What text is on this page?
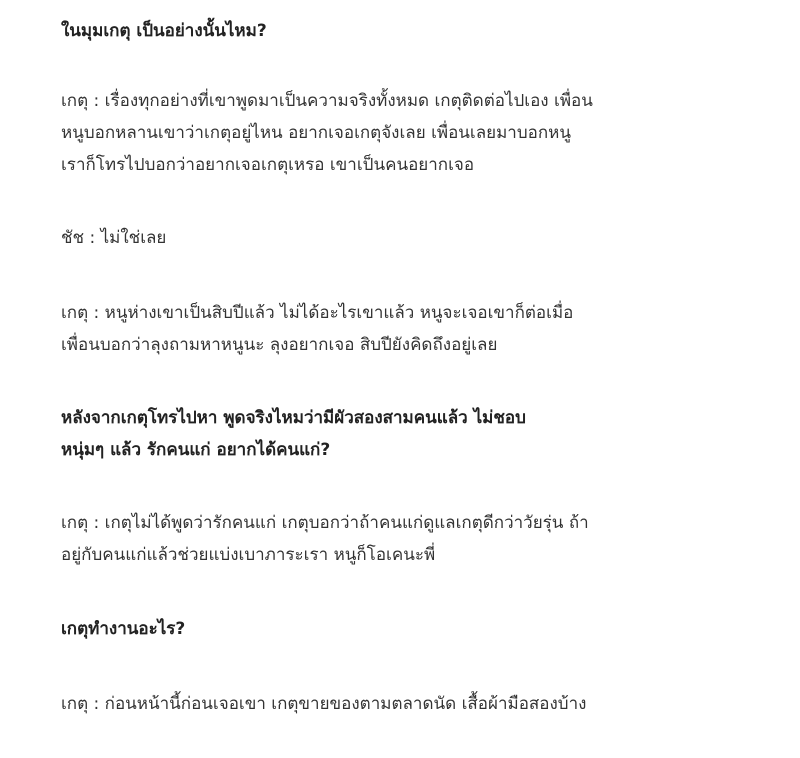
ในมุมเกตุ เป็นอย่างนั้นไหม?

เกตุ : เรื่องทุกอย่างที่เขาพูดมาเป็นความจริงทั้งหมด เกตุติดต่อไปเอง เพื่อน
หนูบอกหลานเขาว่าเกตุอยู่ไหน อยากเจอเกตุจังเลย เพื่อนเลยมาบอกหนู
เราก็โทรไปบอกว่าอยากเจอเกตุเหรอ เขาเป็นคนอยากเจอ

ชัช : ไม่ใช่เลย

เกตุ : หนูห่างเขาเป็นสิบปีแล้ว ไม่ได้อะไรเขาแล้ว หนูจะเจอเขาก็ต่อเมื่อ
เพื่อนบอกว่าลุงถามหาหนูนะ ลุงอยากเจอ สิบปียังคิดถึงอยู่เลย

หลังจากเกตุโทรไปหา พูดจริงไหมว่ามีผัวสองสามคนแล้ว ไม่ชอบ
หนุ่มๆ แล้ว รักคนแก่ อยากได้คนแก่?

เกตุ : เกตุไม่ได้พูดว่ารักคนแก่ เกตุบอกว่าถ้าคนแก่ดูแลเกตุดีกว่าวัยรุ่น ถ้า
อยู่กับคนแก่แล้วช่วยแบ่งเบาภาระเรา หนูก็โอเคนะพี่

เกตุทำงานอะไร?

เกตุ : ก่อนหน้านี้ก่อนเจอเขา เกตุขายของตามตลาดนัด เสื้อผ้ามือสองบ้าง
